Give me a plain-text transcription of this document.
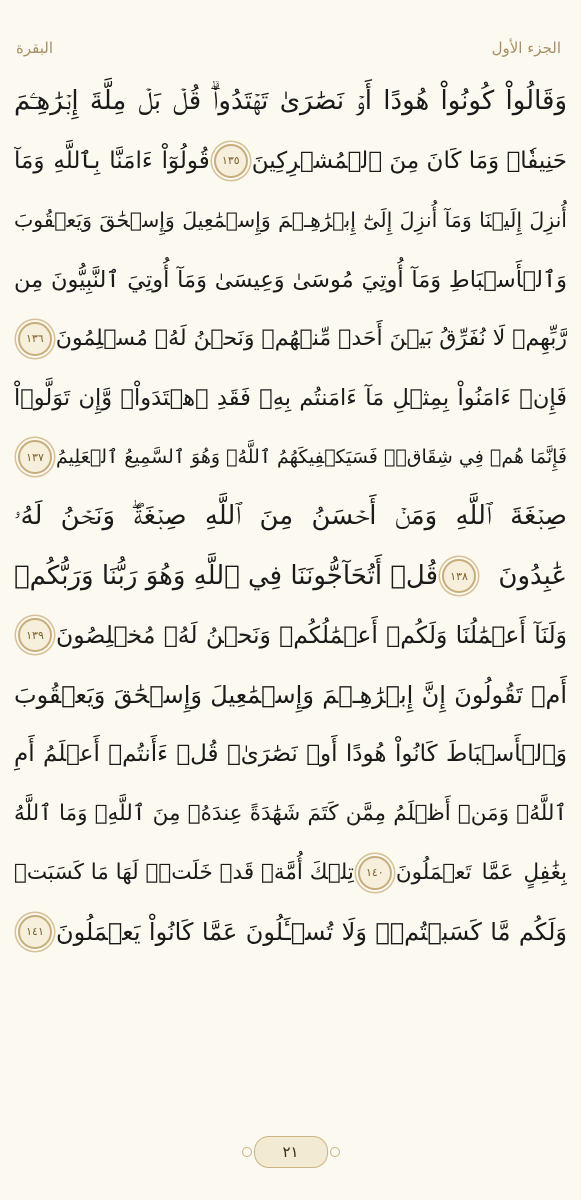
البقرة	الجزء الأول
وَقَالُواْ كُونُواْ هُودًا أَوۡ نَصَٰرَىٰ تَهۡتَدُواْۗ قُلۡ بَلۡ مِلَّةَ إِبۡرَٰهِـۧمَ
حَنِيفٗاۖ وَمَا كَانَ مِنَ ٱلۡمُشۡرِكِينَ
١٣٥
قُولُوٓاْ ءَامَنَّا بِٱللَّهِ وَمَآ
أُنزِلَ إِلَيۡنَا وَمَآ أُنزِلَ إِلَىٰٓ إِبۡرَٰهِـۧمَ وَإِسۡمَٰعِيلَ وَإِسۡحَٰقَ وَيَعۡقُوبَ
وَٱلۡأَسۡبَاطِ وَمَآ أُوتِيَ مُوسَىٰ وَعِيسَىٰ وَمَآ أُوتِيَ ٱلنَّبِيُّونَ مِن
رَّبِّهِمۡ لَا نُفَرِّقُ بَيۡنَ أَحَدٖ مِّنۡهُمۡ وَنَحۡنُ لَهُۥ مُسۡلِمُونَ
١٣٦
فَإِنۡ ءَامَنُواْ بِمِثۡلِ مَآ ءَامَنتُم بِهِۦ فَقَدِ ٱهۡتَدَواْۖ وَّإِن تَوَلَّوۡاْ
فَإِنَّمَا هُمۡ فِي شِقَاقٖۖ فَسَيَكۡفِيكَهُمُ ٱللَّهُۚ وَهُوَ ٱلسَّمِيعُ ٱلۡعَلِيمُ
١٣٧
صِبۡغَةَ ٱللَّهِ وَمَنۡ أَحۡسَنُ مِنَ ٱللَّهِ صِبۡغَةٗۖ وَنَحۡنُ لَهُۥ
عَٰبِدُونَ
١٣٨
قُلۡ أَتُحَآجُّونَنَا فِي ٱللَّهِ وَهُوَ رَبُّنَا وَرَبُّكُمۡ
وَلَنَآ أَعۡمَٰلُنَا وَلَكُمۡ أَعۡمَٰلُكُمۡ وَنَحۡنُ لَهُۥ مُخۡلِصُونَ
١٣٩
أَمۡ تَقُولُونَ إِنَّ إِبۡرَٰهِـۧمَ وَإِسۡمَٰعِيلَ وَإِسۡحَٰقَ وَيَعۡقُوبَ
وَٱلۡأَسۡبَاطَ كَانُواْ هُودًا أَوۡ نَصَٰرَىٰۗ قُلۡ ءَأَنتُمۡ أَعۡلَمُ أَمِ
ٱللَّهُۗ وَمَنۡ أَظۡلَمُ مِمَّن كَتَمَ شَهَٰدَةً عِندَهُۥ مِنَ ٱللَّهِۗ وَمَا ٱللَّهُ
بِغَٰفِلٍ عَمَّا تَعۡمَلُونَ
١٤٠
تِلۡكَ أُمَّةٞ قَدۡ خَلَتۡۖ لَهَا مَا كَسَبَتۡ
وَلَكُم مَّا كَسَبۡتُمۡۖ وَلَا تُسۡـَٔلُونَ عَمَّا كَانُواْ يَعۡمَلُونَ
١٤١
٢١
